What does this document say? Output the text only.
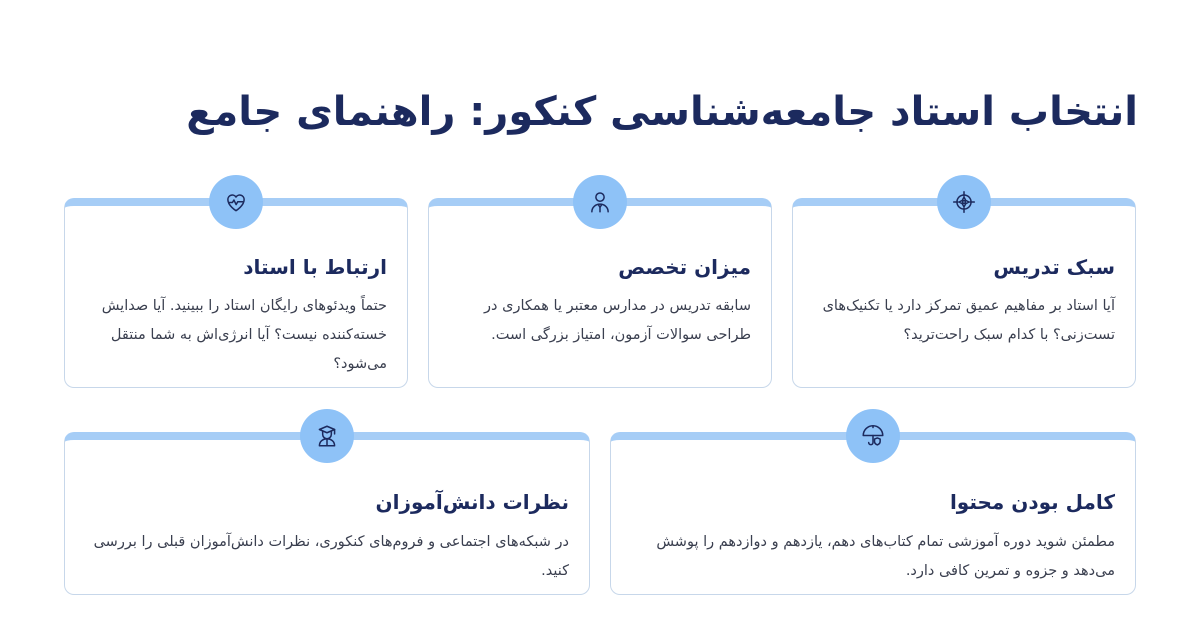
انتخاب استاد جامعه‌شناسی کنکور: راهنمای جامع
سبک تدریس
آیا استاد بر مفاهیم عمیق تمرکز دارد یا تکنیک‌های تست‌زنی؟ با کدام سبک راحت‌ترید؟
میزان تخصص
سابقه تدریس در مدارس معتبر یا همکاری در طراحی سوالات آزمون، امتیاز بزرگی است.
ارتباط با استاد
حتماً ویدئوهای رایگان استاد را ببینید. آیا صدایش خسته‌کننده نیست؟ آیا انرژی‌اش به شما منتقل می‌شود؟
کامل بودن محتوا
مطمئن شوید دوره آموزشی تمام کتاب‌های دهم، یازدهم و دوازدهم را پوشش می‌دهد و جزوه و تمرین کافی دارد.
نظرات دانش‌آموزان
در شبکه‌های اجتماعی و فروم‌های کنکوری، نظرات دانش‌آموزان قبلی را بررسی کنید.
